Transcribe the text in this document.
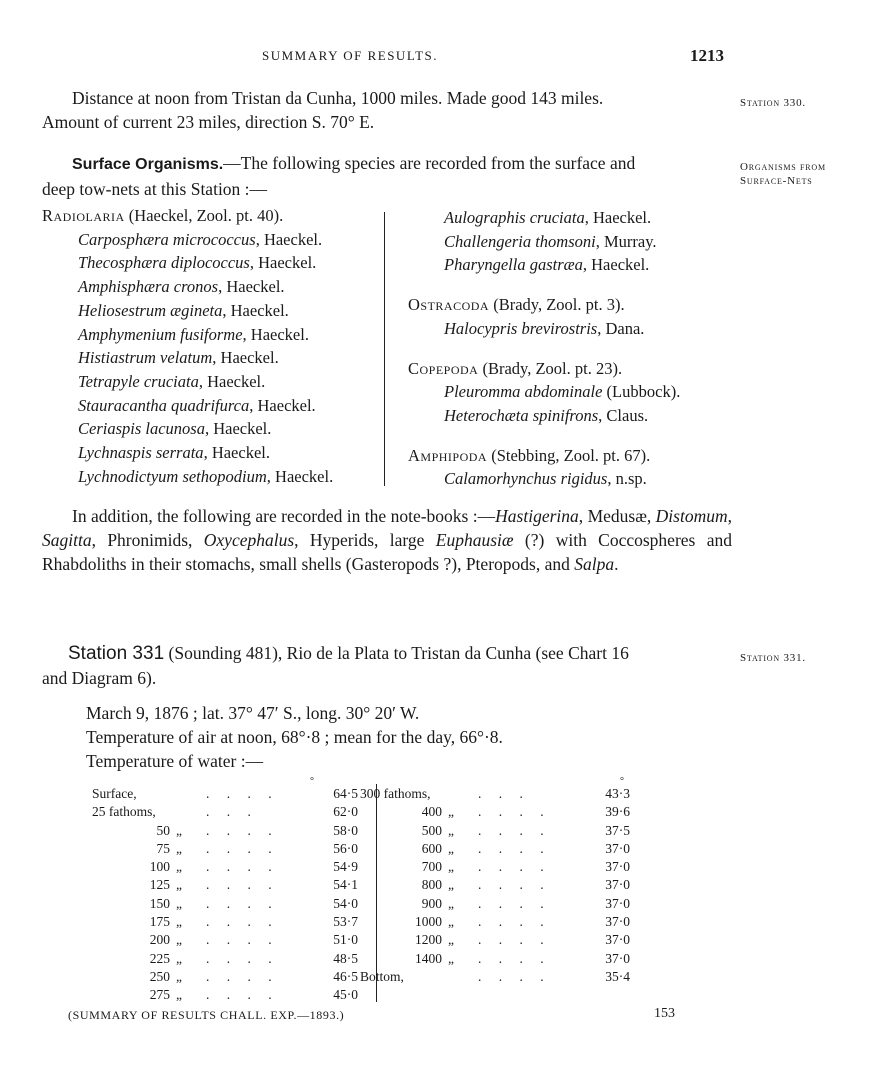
SUMMARY OF RESULTS.	1213
Distance at noon from Tristan da Cunha, 1000 miles. Made good 143 miles.
Amount of current 23 miles, direction S. 70° E.
Station 330.
Surface Organisms.—The following species are recorded from the surface and
deep tow-nets at this Station :—
Organisms from
Surface-Nets
Radiolaria (Haeckel, Zool. pt. 40).
Carposphæra micrococcus, Haeckel.
Thecosphæra diplococcus, Haeckel.
Amphisphæra cronos, Haeckel.
Heliosestrum ægineta, Haeckel.
Amphymenium fusiforme, Haeckel.
Histiastrum velatum, Haeckel.
Tetrapyle cruciata, Haeckel.
Stauracantha quadrifurca, Haeckel.
Ceriaspis lacunosa, Haeckel.
Lychnaspis serrata, Haeckel.
Lychnodictyum sethopodium, Haeckel.
Aulographis cruciata, Haeckel.
Challengeria thomsoni, Murray.
Pharyngella gastræa, Haeckel.
Ostracoda (Brady, Zool. pt. 3).
Halocypris brevirostris, Dana.
Copepoda (Brady, Zool. pt. 23).
Pleuromma abdominale (Lubbock).
Heterochæta spinifrons, Claus.
Amphipoda (Stebbing, Zool. pt. 67).
Calamorhynchus rigidus, n.sp.
In addition, the following are recorded in the note-books :—Hastigerina, Medusæ, Distomum, Sagitta, Phronimids, Oxycephalus, Hyperids, large Euphausiæ (?) with Coccospheres and Rhabdoliths in their stomachs, small shells (Gasteropods ?), Pteropods, and Salpa.
Station 331 (Sounding 481), Rio de la Plata to Tristan da Cunha (see Chart 16
and Diagram 6).
Station 331.
March 9, 1876 ; lat. 37° 47′ S., long. 30° 20′ W.
Temperature of air at noon, 68°·8 ; mean for the day, 66°·8.
Temperature of water :—
°	°
Surface,		. . . .	64·5
25 fathoms,		. . .	62·0
50	„	. . . .	58·0
75	„	. . . .	56·0
100	„	. . . .	54·9
125	„	. . . .	54·1
150	„	. . . .	54·0
175	„	. . . .	53·7
200	„	. . . .	51·0
225	„	. . . .	48·5
250	„	. . . .	46·5
275	„	. . . .	45·0
300 fathoms,		. . .	43·3
400	„	. . . .	39·6
500	„	. . . .	37·5
600	„	. . . .	37·0
700	„	. . . .	37·0
800	„	. . . .	37·0
900	„	. . . .	37·0
1000	„	. . . .	37·0
1200	„	. . . .	37·0
1400	„	. . . .	37·0
Bottom,		. . . .	35·4
(SUMMARY OF RESULTS CHALL. EXP.—1893.)	153
